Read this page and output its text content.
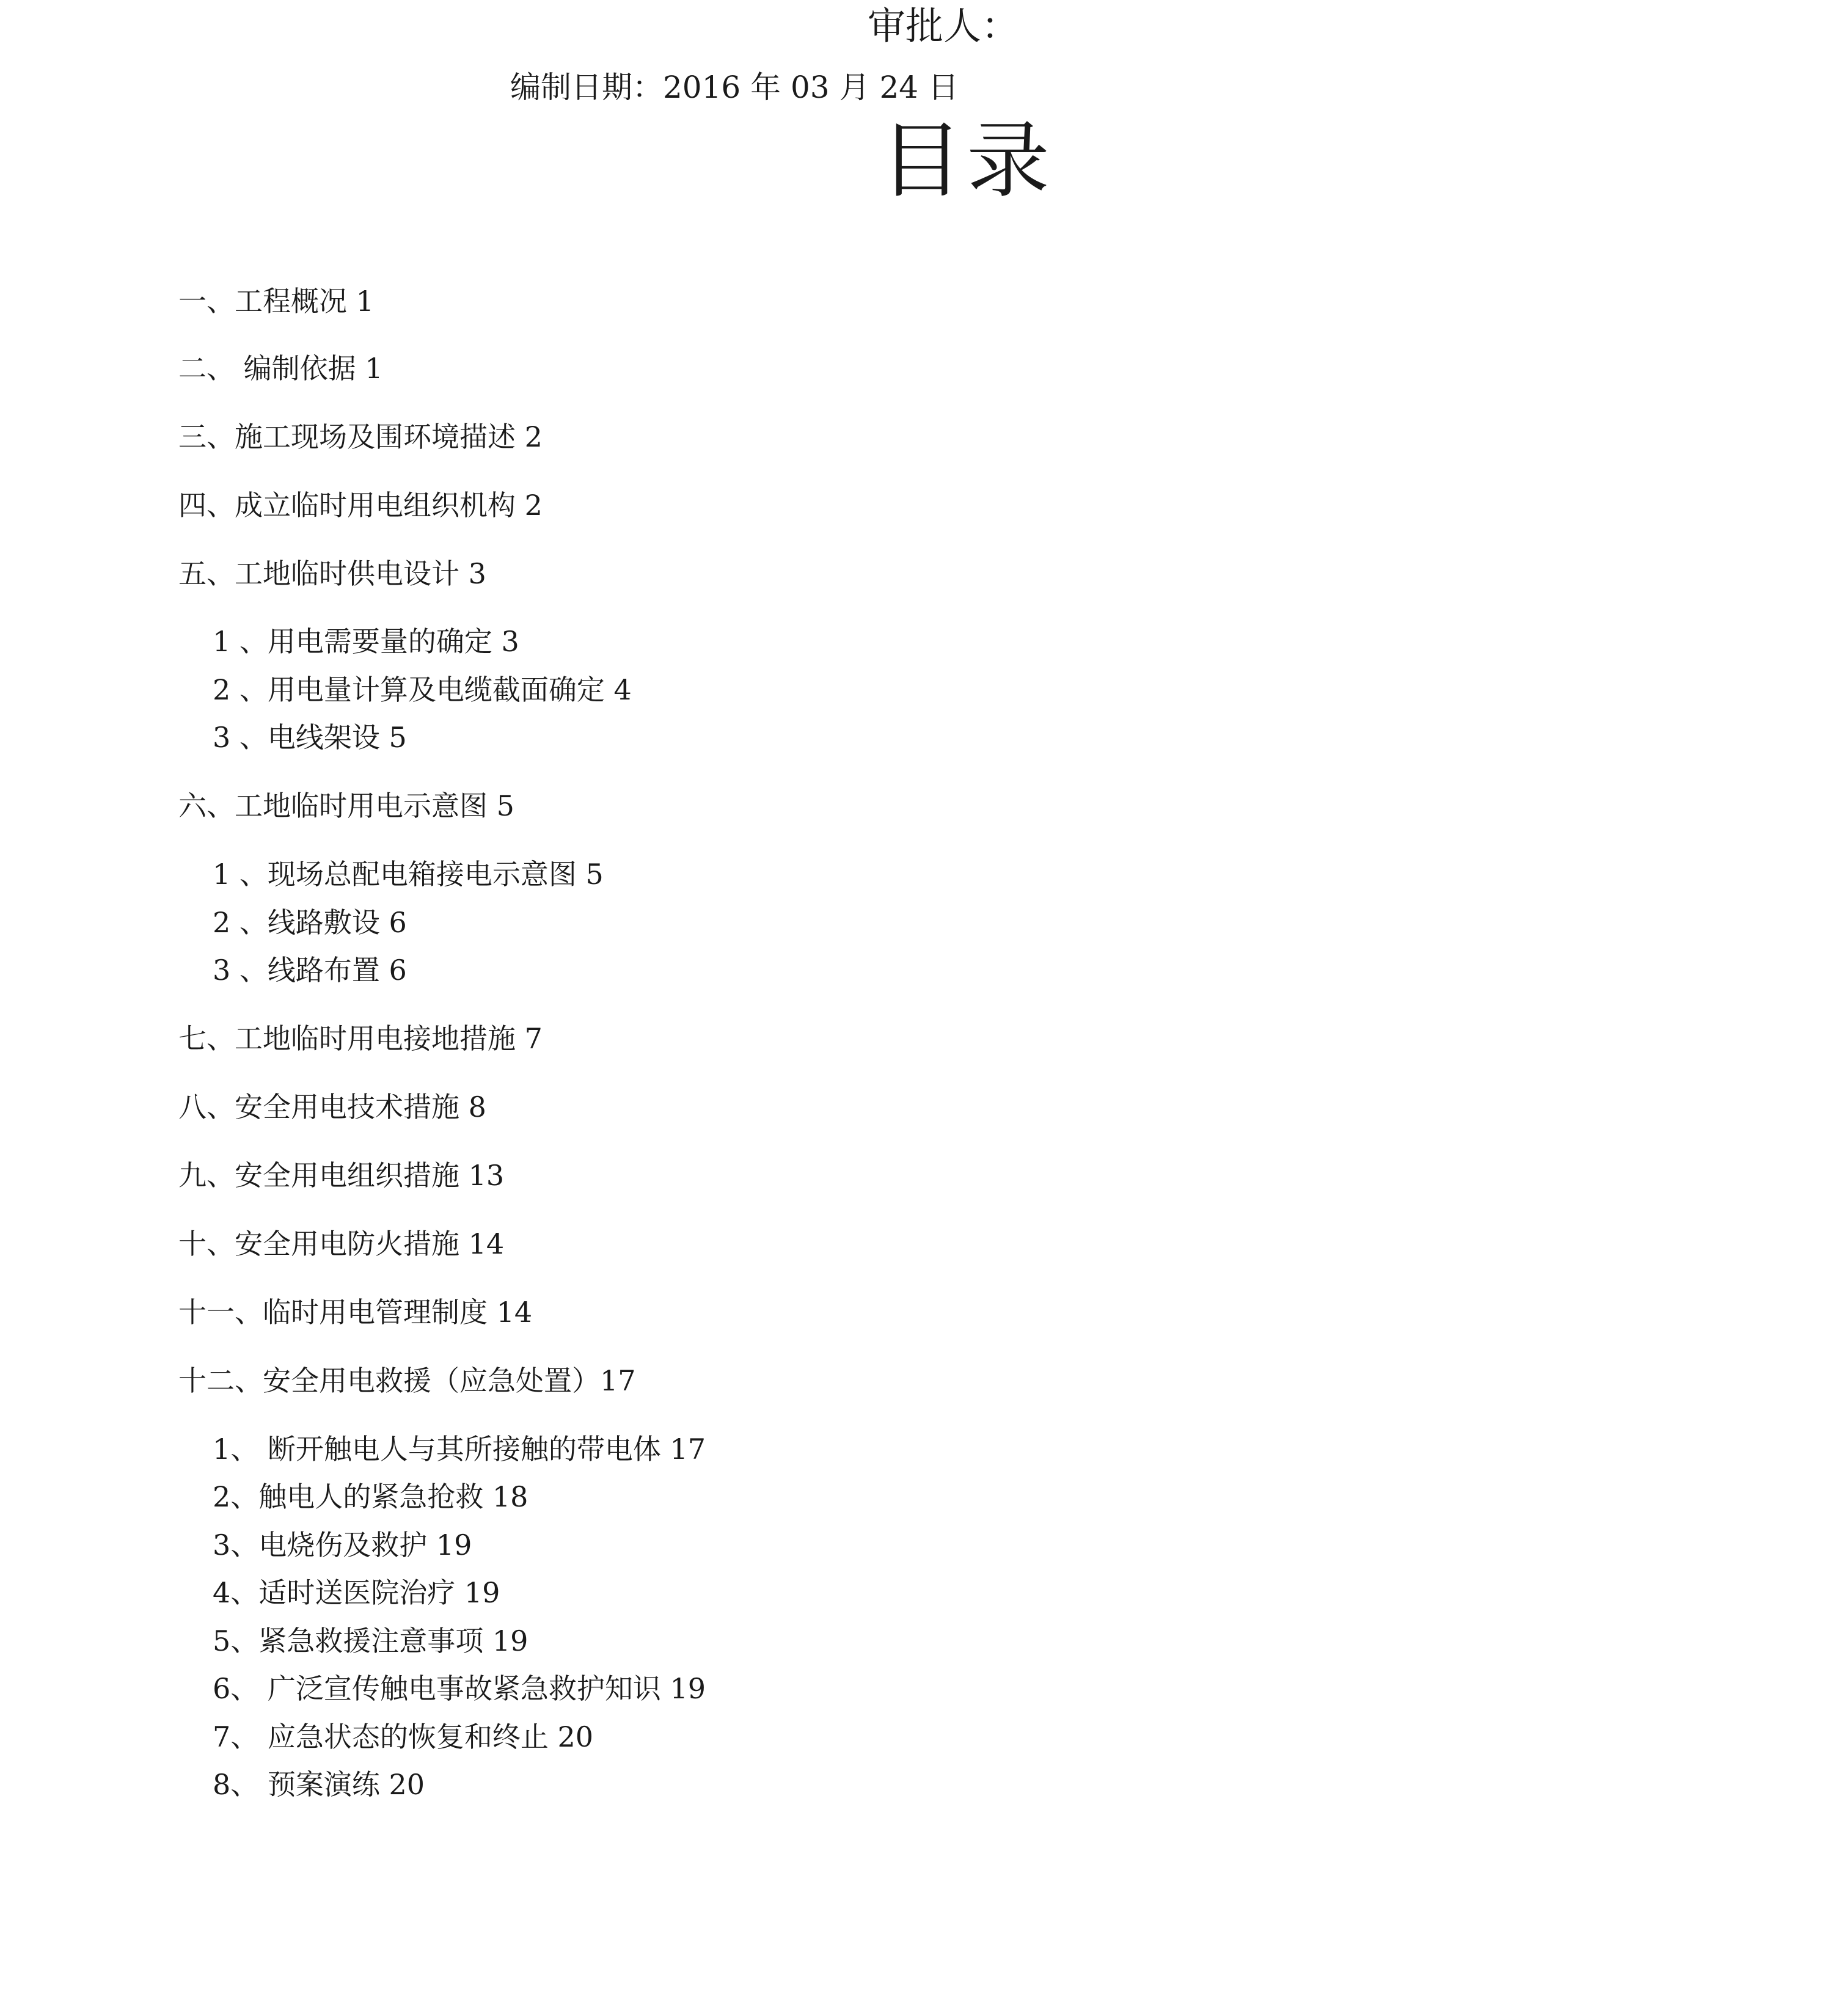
审批人：
编制日期：2016 年 03 月 24 日
目录
一、工程概况 1
二、 编制依据 1
三、施工现场及围环境描述 2
四、成立临时用电组织机构 2
五、工地临时供电设计 3
1 、用电需要量的确定 3
2 、用电量计算及电缆截面确定 4
3 、电线架设 5
六、工地临时用电示意图 5
1 、现场总配电箱接电示意图 5
2 、线路敷设 6
3 、线路布置 6
七、工地临时用电接地措施 7
八、安全用电技术措施 8
九、安全用电组织措施 13
十、安全用电防火措施 14
十一、临时用电管理制度 14
十二、安全用电救援（应急处置）17
1、 断开触电人与其所接触的带电体 17
2、触电人的紧急抢救 18
3、电烧伤及救护 19
4、适时送医院治疗 19
5、紧急救援注意事项 19
6、 广泛宣传触电事故紧急救护知识 19
7、 应急状态的恢复和终止 20
8、 预案演练 20
